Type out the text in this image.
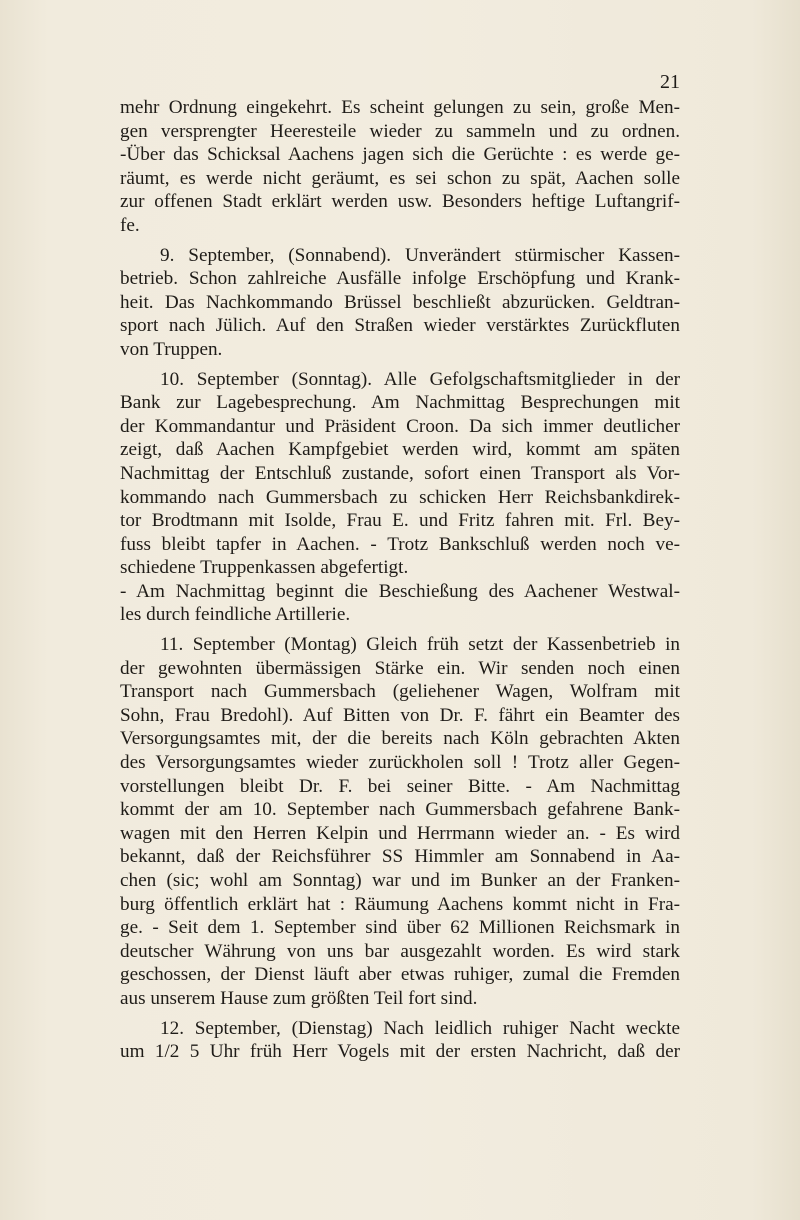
21
mehr Ordnung eingekehrt. Es scheint gelungen zu sein, große Men-
gen versprengter Heeresteile wieder zu sammeln und zu ordnen.
-Über das Schicksal Aachens jagen sich die Gerüchte : es werde ge-
räumt, es werde nicht geräumt, es sei schon zu spät, Aachen solle
zur offenen Stadt erklärt werden usw. Besonders heftige Luftangrif-
fe.
9. September, (Sonnabend). Unverändert stürmischer Kassen-
betrieb. Schon zahlreiche Ausfälle infolge Erschöpfung und Krank-
heit. Das Nachkommando Brüssel beschließt abzurücken. Geldtran-
sport nach Jülich. Auf den Straßen wieder verstärktes Zurückfluten
von Truppen.
10. September (Sonntag). Alle Gefolgschaftsmitglieder in der
Bank zur Lagebesprechung. Am Nachmittag Besprechungen mit
der Kommandantur und Präsident Croon. Da sich immer deutlicher
zeigt, daß Aachen Kampfgebiet werden wird, kommt am späten
Nachmittag der Entschluß zustande, sofort einen Transport als Vor-
kommando nach Gummersbach zu schicken Herr Reichsbankdirek-
tor Brodtmann mit Isolde, Frau E. und Fritz fahren mit. Frl. Bey-
fuss bleibt tapfer in Aachen. - Trotz Bankschluß werden noch ve-
schiedene Truppenkassen abgefertigt.
- Am Nachmittag beginnt die Beschießung des Aachener Westwal-
les durch feindliche Artillerie.
11. September (Montag) Gleich früh setzt der Kassenbetrieb in
der gewohnten übermässigen Stärke ein. Wir senden noch einen
Transport nach Gummersbach (geliehener Wagen, Wolfram mit
Sohn, Frau Bredohl). Auf Bitten von Dr. F. fährt ein Beamter des
Versorgungsamtes mit, der die bereits nach Köln gebrachten Akten
des Versorgungsamtes wieder zurückholen soll ! Trotz aller Gegen-
vorstellungen bleibt Dr. F. bei seiner Bitte. - Am Nachmittag
kommt der am 10. September nach Gummersbach gefahrene Bank-
wagen mit den Herren Kelpin und Herrmann wieder an. - Es wird
bekannt, daß der Reichsführer SS Himmler am Sonnabend in Aa-
chen (sic; wohl am Sonntag) war und im Bunker an der Franken-
burg öffentlich erklärt hat : Räumung Aachens kommt nicht in Fra-
ge. - Seit dem 1. September sind über 62 Millionen Reichsmark in
deutscher Währung von uns bar ausgezahlt worden. Es wird stark
geschossen, der Dienst läuft aber etwas ruhiger, zumal die Fremden
aus unserem Hause zum größten Teil fort sind.
12. September, (Dienstag) Nach leidlich ruhiger Nacht weckte
um 1/2 5 Uhr früh Herr Vogels mit der ersten Nachricht, daß der
